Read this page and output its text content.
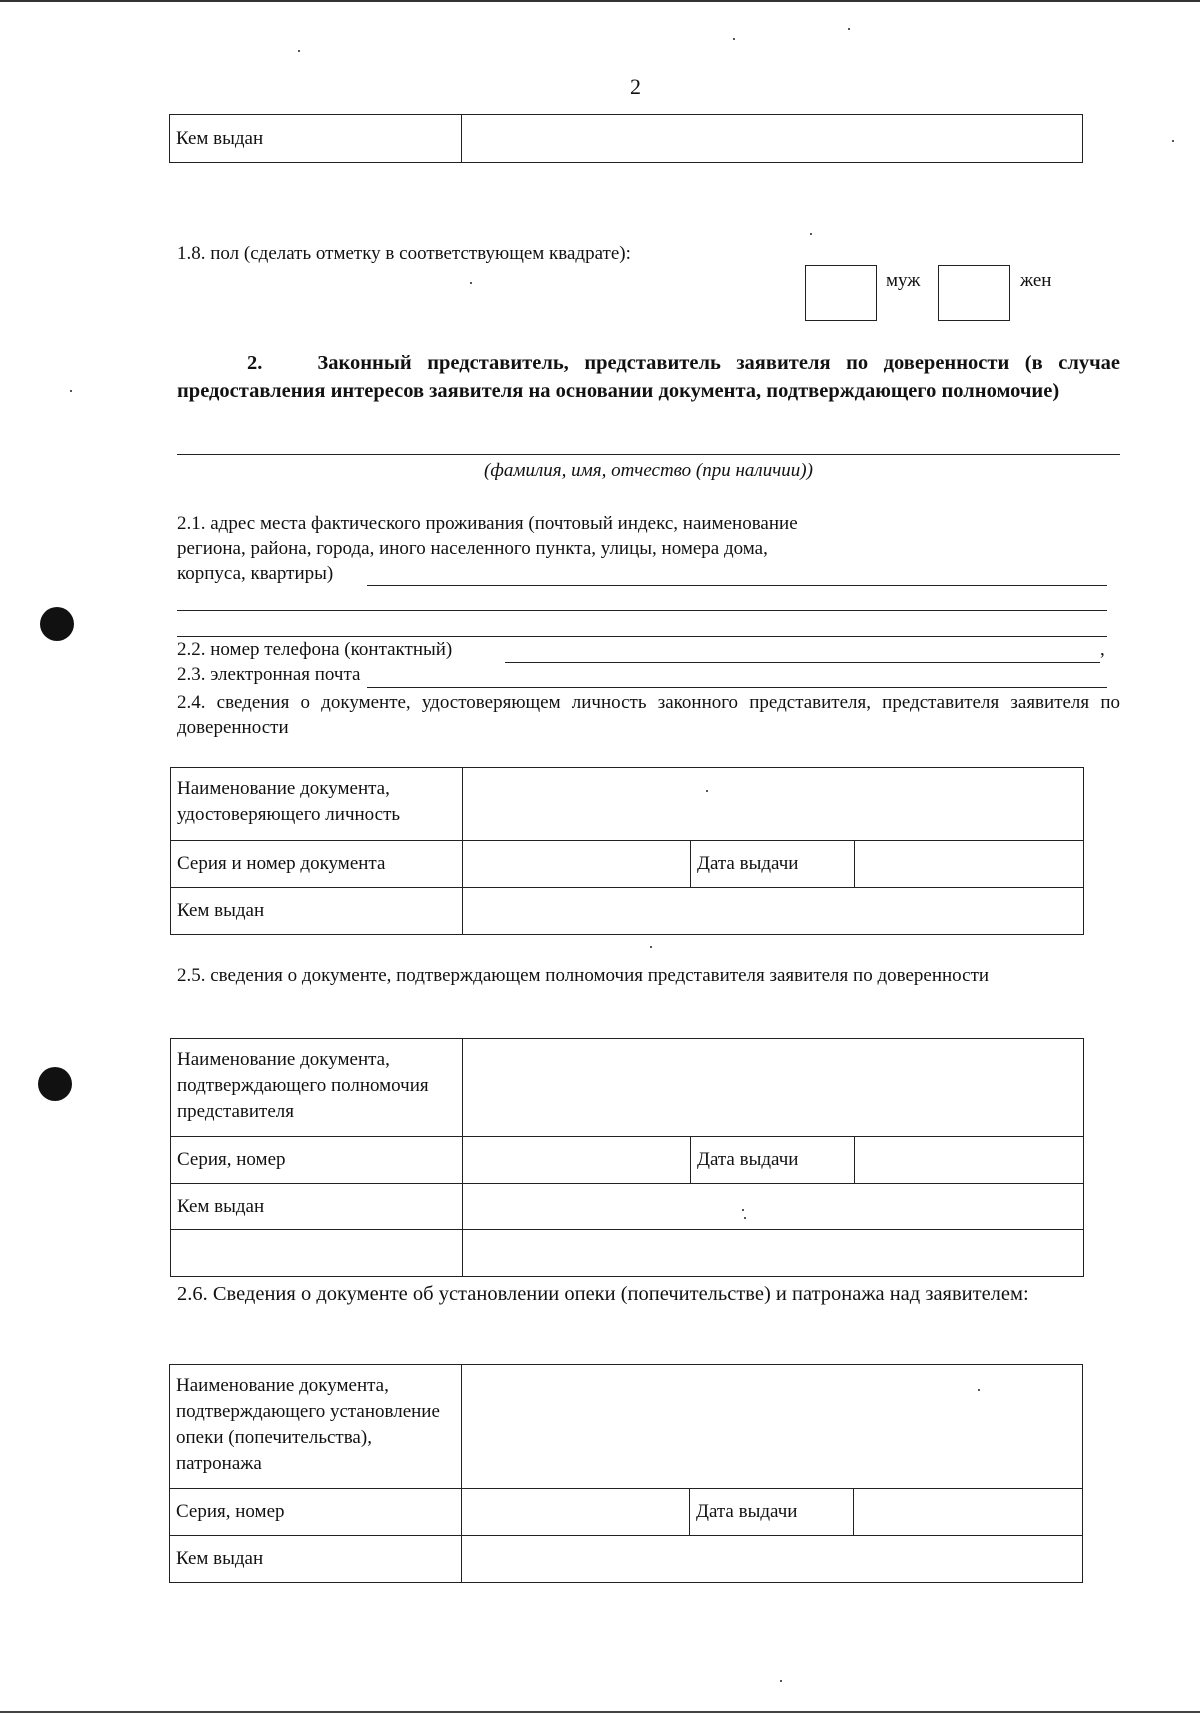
2
Кем выдан	
1.8. пол (сделать отметку в соответствующем квадрате):
муж	жен
2.	Законный представитель, представитель заявителя по доверенности (в случае предоставления интересов заявителя на основании документа, подтверждающего полномочие)
(фамилия, имя, отчество (при наличии))
2.1. адрес места фактического проживания (почтовый индекс, наименование
региона, района, города, иного населенного пункта, улицы, номера дома,
корпуса, квартиры)
2.2. номер телефона (контактный)	,
2.3. электронная почта
2.4. сведения о документе, удостоверяющем личность законного представителя, представителя заявителя по доверенности
Наименование документа, удостоверяющего личность			
Серия и номер документа		Дата выдачи	
Кем выдан			
2.5. сведения о документе, подтверждающем полномочия представителя заявителя по доверенности
Наименование документа, подтверждающего полномочия представителя			
Серия, номер		Дата выдачи	
Кем выдан			

2.6. Сведения о документе об установлении опеки (попечительстве) и патронажа над заявителем:
Наименование документа, подтверждающего установление опеки (попечительства), патронажа			
Серия, номер		Дата выдачи	
Кем выдан			
